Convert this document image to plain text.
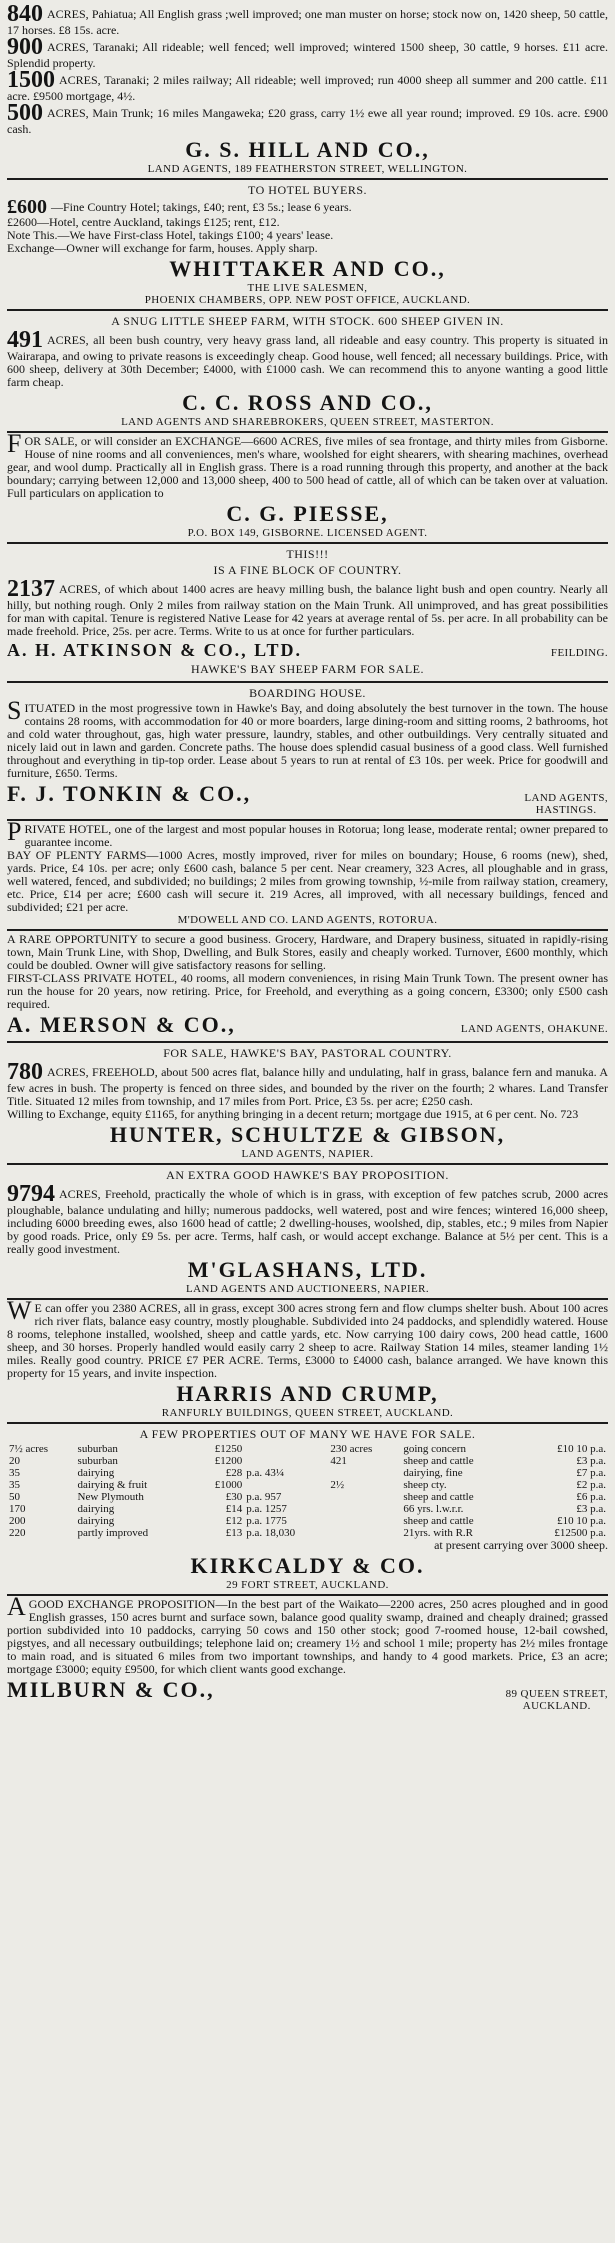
840 ACRES, Pahiatua; All English grass ;well improved; one man muster on horse; stock now on, 1420 sheep, 50 cattle, 17 horses. £8 15s. acre.

900 ACRES, Taranaki; All rideable; well fenced; well improved; wintered 1500 sheep, 30 cattle, 9 horses. £11 acre. Splendid property.

1500 ACRES, Taranaki; 2 miles railway; All rideable; well improved; run 4000 sheep all summer and 200 cattle. £11 acre. £9500 mortgage, 4½.

500 ACRES, Main Trunk; 16 miles Mangaweka; £20 grass, carry 1½ ewe all year round; improved. £9 10s. acre. £900 cash.

G. S. HILL AND CO.,

LAND AGENTS, 189 FEATHERSTON STREET, WELLINGTON.

TO HOTEL BUYERS.

£600 —Fine Country Hotel; takings, £40; rent, £3 5s.; lease 6 years.

£2600—Hotel, centre Auckland, takings £125; rent, £12.

Note This.—We have First-class Hotel, takings £100; 4 years' lease.

Exchange—Owner will exchange for farm, houses. Apply sharp.

WHITTAKER AND CO.,

THE LIVE SALESMEN,

PHOENIX CHAMBERS, OPP. NEW POST OFFICE, AUCKLAND.

A SNUG LITTLE SHEEP FARM, WITH STOCK. 600 SHEEP GIVEN IN.

491 ACRES, all been bush country, very heavy grass land, all rideable and easy country. This property is situated in Wairarapa, and owing to private reasons is exceedingly cheap. Good house, well fenced; all necessary buildings. Price, with 600 sheep, delivery at 30th December; £4000, with £1000 cash. We can recommend this to anyone wanting a good little farm cheap.

C. C. ROSS AND CO.,

LAND AGENTS AND SHAREBROKERS, QUEEN STREET, MASTERTON.

FOR SALE, or will consider an EXCHANGE—6600 ACRES, five miles of sea frontage, and thirty miles from Gisborne. House of nine rooms and all conveniences, men's whare, woolshed for eight shearers, with shearing machines, overhead gear, and wool dump. Practically all in English grass. There is a road running through this property, and another at the back boundary; carrying between 12,000 and 13,000 sheep, 400 to 500 head of cattle, all of which can be taken over at valuation. Full particulars on application to

C. G. PIESSE,

P.O. BOX 149, GISBORNE. LICENSED AGENT.

THIS!!!
IS A FINE BLOCK OF COUNTRY.

2137 ACRES, of which about 1400 acres are heavy milling bush, the balance light bush and open country. Nearly all hilly, but nothing rough. Only 2 miles from railway station on the Main Trunk. All unimproved, and has great possibilities for man with capital. Tenure is registered Native Lease for 42 years at average rental of 5s. per acre. In all probability can be made freehold. Price, 25s. per acre. Terms. Write to us at once for further particulars.

A. H. ATKINSON & CO., LTD.	FEILDING.
HAWKE'S BAY SHEEP FARM FOR SALE.
BOARDING HOUSE.

SITUATED in the most progressive town in Hawke's Bay, and doing absolutely the best turnover in the town. The house contains 28 rooms, with accommodation for 40 or more boarders, large dining-room and sitting rooms, 2 bathrooms, hot and cold water throughout, gas, high water pressure, laundry, stables, and other outbuildings. Very centrally situated and nicely laid out in lawn and garden. Concrete paths. The house does splendid casual business of a good class. Well furnished throughout and everything in tip-top order. Lease about 5 years to run at rental of £3 10s. per week. Price for goodwill and furniture, £650. Terms.

F. J. TONKIN & CO.,	LAND AGENTS,
HASTINGS.

PRIVATE HOTEL, one of the largest and most popular houses in Rotorua; long lease, moderate rental; owner prepared to guarantee income.

BAY OF PLENTY FARMS—1000 Acres, mostly improved, river for miles on boundary; House, 6 rooms (new), shed, yards. Price, £4 10s. per acre; only £600 cash, balance 5 per cent. Near creamery, 323 Acres, all ploughable and in grass, well watered, fenced, and subdivided; no buildings; 2 miles from growing township, ½-mile from railway station, creamery, etc. Price, £14 per acre; £600 cash will secure it. 219 Acres, all improved, with all necessary buildings, fenced and subdivided; £21 per acre.

M'DOWELL AND CO. LAND AGENTS, ROTORUA.

A RARE OPPORTUNITY to secure a good business. Grocery, Hardware, and Drapery business, situated in rapidly-rising town, Main Trunk Line, with Shop, Dwelling, and Bulk Stores, easily and cheaply worked. Turnover, £600 monthly, which could be doubled. Owner will give satisfactory reasons for selling.

FIRST-CLASS PRIVATE HOTEL, 40 rooms, all modern conveniences, in rising Main Trunk Town. The present owner has run the house for 20 years, now retiring. Price, for Freehold, and everything as a going concern, £3300; only £500 cash required.

A. MERSON & CO.,	LAND AGENTS, OHAKUNE.
FOR SALE, HAWKE'S BAY, PASTORAL COUNTRY.

780 ACRES, FREEHOLD, about 500 acres flat, balance hilly and undulating, half in grass, balance fern and manuka. A few acres in bush. The property is fenced on three sides, and bounded by the river on the fourth; 2 whares. Land Transfer Title. Situated 12 miles from township, and 17 miles from Port. Price, £3 5s. per acre; £250 cash.

Willing to Exchange, equity £1165, for anything bringing in a decent return; mortgage due 1915, at 6 per cent. No. 723

HUNTER, SCHULTZE & GIBSON,

LAND AGENTS, NAPIER.

AN EXTRA GOOD HAWKE'S BAY PROPOSITION.

9794 ACRES, Freehold, practically the whole of which is in grass, with exception of few patches scrub, 2000 acres ploughable, balance undulating and hilly; numerous paddocks, well watered, post and wire fences; wintered 16,000 sheep, including 6000 breeding ewes, also 1600 head of cattle; 2 dwelling-houses, woolshed, dip, stables, etc.; 9 miles from Napier by good roads. Price, only £9 5s. per acre. Terms, half cash, or would accept exchange. Balance at 5½ per cent. This is a really good investment.

M'GLASHANS, LTD.

LAND AGENTS AND AUCTIONEERS, NAPIER.

W E can offer you 2380 ACRES, all in grass, except 300 acres strong fern and flow clumps shelter bush. About 100 acres rich river flats, balance easy country, mostly ploughable. Subdivided into 24 paddocks, and splendidly watered. House 8 rooms, telephone installed, woolshed, sheep and cattle yards, etc. Now carrying 100 dairy cows, 200 head cattle, 1600 sheep, and 30 horses. Properly handled would easily carry 2 sheep to acre. Railway Station 14 miles, steamer landing 1½ miles. Really good country. PRICE £7 PER ACRE. Terms, £3000 to £4000 cash, balance arranged. We have known this property for 15 years, and invite inspection.

HARRIS AND CRUMP,

RANFURLY BUILDINGS, QUEEN STREET, AUCKLAND.

A FEW PROPERTIES OUT OF MANY WE HAVE FOR SALE.
7½ acres	suburban	£1250		230 acres	going concern	£10 10 p.a.
20	suburban	£1200		421	sheep and cattle	£3 p.a.
35	dairying	£28	p.a. 43¼		dairying, fine	£7 p.a.
35	dairying & fruit	£1000		2½	sheep cty.	£2 p.a.
50	New Plymouth	£30	p.a. 957		sheep and cattle	£6 p.a.
170	dairying	£14	p.a. 1257		66 yrs. l.w.r.r.	£3 p.a.
200	dairying	£12	p.a. 1775		sheep and cattle	£10 10 p.a.
220	partly improved	£13	p.a. 18,030		21yrs. with R.R	£12500 p.a.

at present carrying over 3000 sheep.

KIRKCALDY & CO.

29 FORT STREET, AUCKLAND.

AGOOD EXCHANGE PROPOSITION—In the best part of the Waikato—2200 acres, 250 acres ploughed and in good English grasses, 150 acres burnt and surface sown, balance good quality swamp, drained and cheaply drained; grassed portion subdivided into 10 paddocks, carrying 50 cows and 150 other stock; good 7-roomed house, 12-bail cowshed, pigstyes, and all necessary outbuildings; telephone laid on; creamery 1½ and school 1 mile; property has 2½ miles frontage to main road, and is situated 6 miles from two important townships, and handy to 4 good markets. Price, £3 an acre; mortgage £3000; equity £9500, for which client wants good exchange.

MILBURN & CO.,	89 QUEEN STREET,
AUCKLAND.
